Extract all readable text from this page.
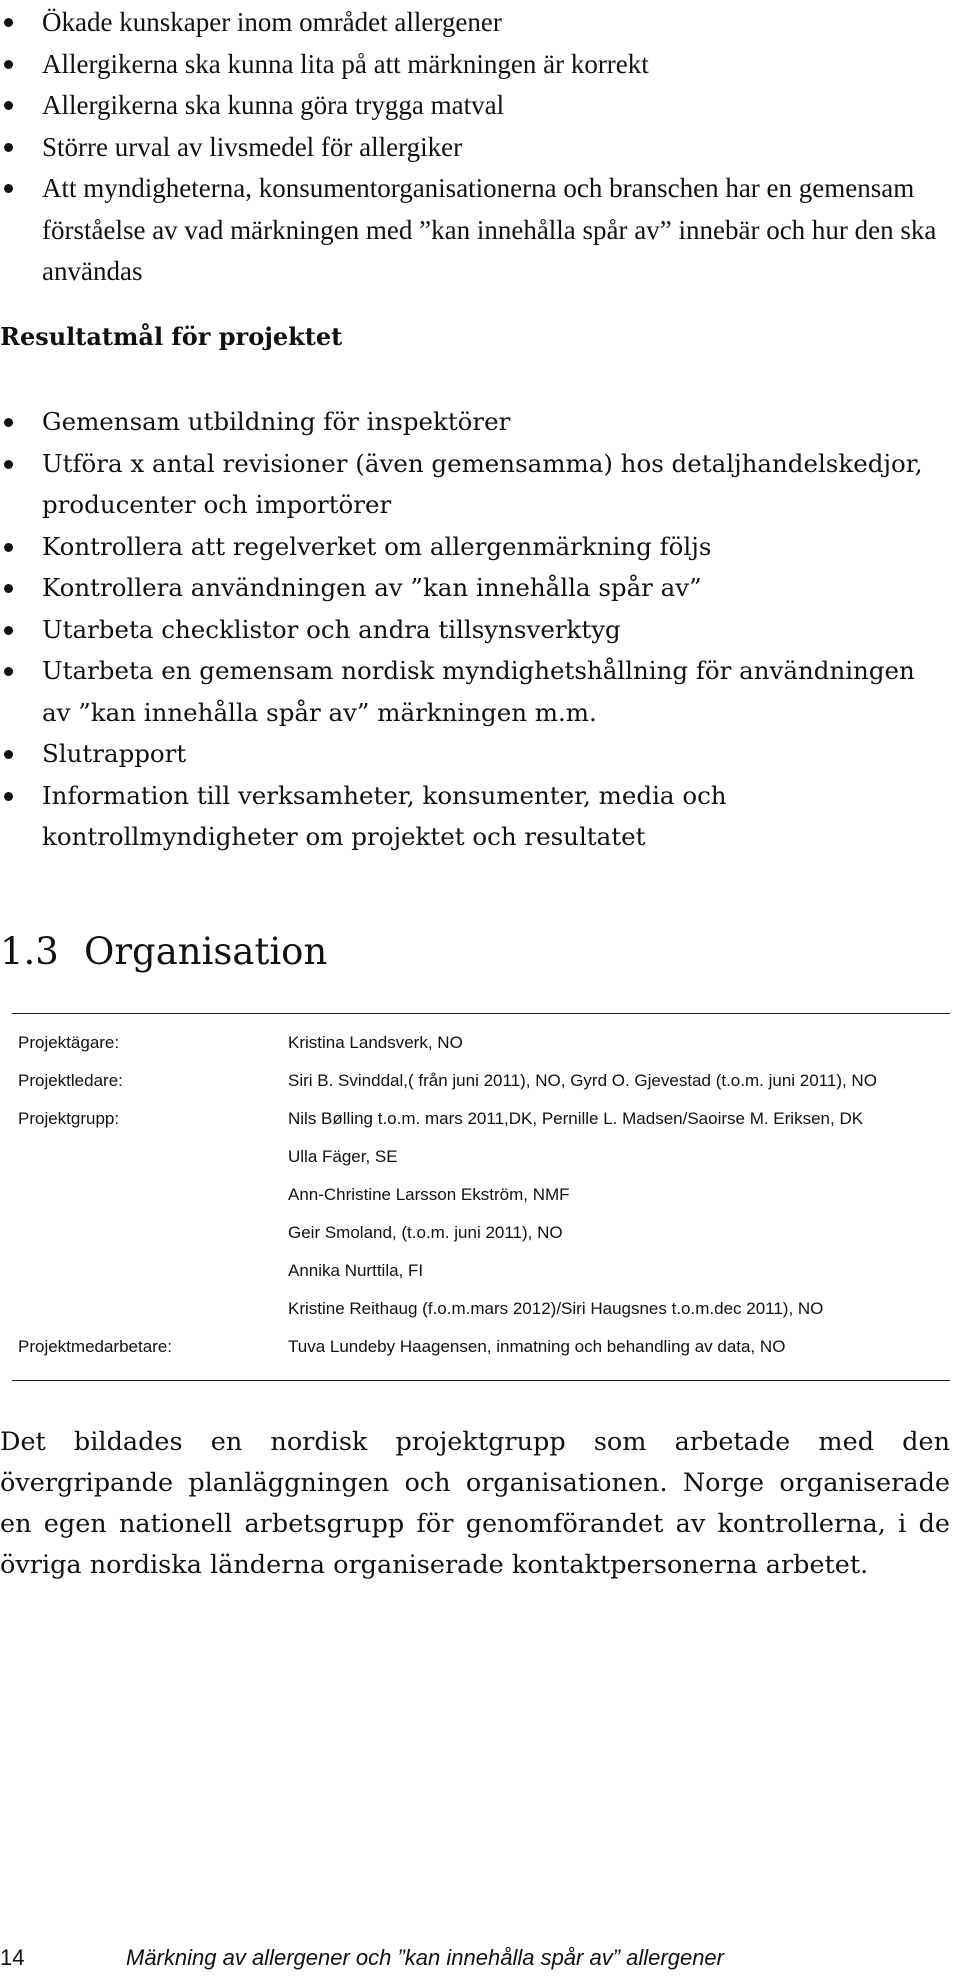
Ökade kunskaper inom området allergener
Allergikerna ska kunna lita på att märkningen är korrekt
Allergikerna ska kunna göra trygga matval
Större urval av livsmedel för allergiker
Att myndigheterna, konsumentorganisationerna och branschen har en gemensam förståelse av vad märkningen med ”kan innehålla spår av” innebär och hur den ska användas
Resultatmål för projektet
Gemensam utbildning för inspektörer
Utföra x antal revisioner (även gemensamma) hos detaljhandelskedjor, producenter och importörer
Kontrollera att regelverket om allergenmärkning följs
Kontrollera användningen av ”kan innehålla spår av”
Utarbeta checklistor och andra tillsynsverktyg
Utarbeta en gemensam nordisk myndighetshållning för användningen av ”kan innehålla spår av” märkningen m.m.
Slutrapport
Information till verksamheter, konsumenter, media och kontrollmyndigheter om projektet och resultatet
1.3 Organisation
Projektägare:	Kristina Landsverk, NO
Projektledare:	Siri B. Svinddal,( från juni 2011), NO, Gyrd O. Gjevestad (t.o.m. juni 2011), NO
Projektgrupp:	Nils Bølling t.o.m. mars 2011,DK, Pernille L. Madsen/Saoirse M. Eriksen, DK
Ulla Fäger, SE
Ann-Christine Larsson Ekström, NMF
Geir Smoland, (t.o.m. juni 2011), NO
Annika Nurttila, FI
Kristine Reithaug (f.o.m.mars 2012)/Siri Haugsnes t.o.m.dec 2011), NO
Projektmedarbetare:	Tuva Lundeby Haagensen, inmatning och behandling av data, NO

Det bildades en nordisk projektgrupp som arbetade med den övergripande planläggningen och organisationen. Norge organiserade en egen nationell arbetsgrupp för genomförandet av kontrollerna, i de övriga nordiska länderna organiserade kontaktpersonerna arbetet.

14	Märkning av allergener och ”kan innehålla spår av” allergener
